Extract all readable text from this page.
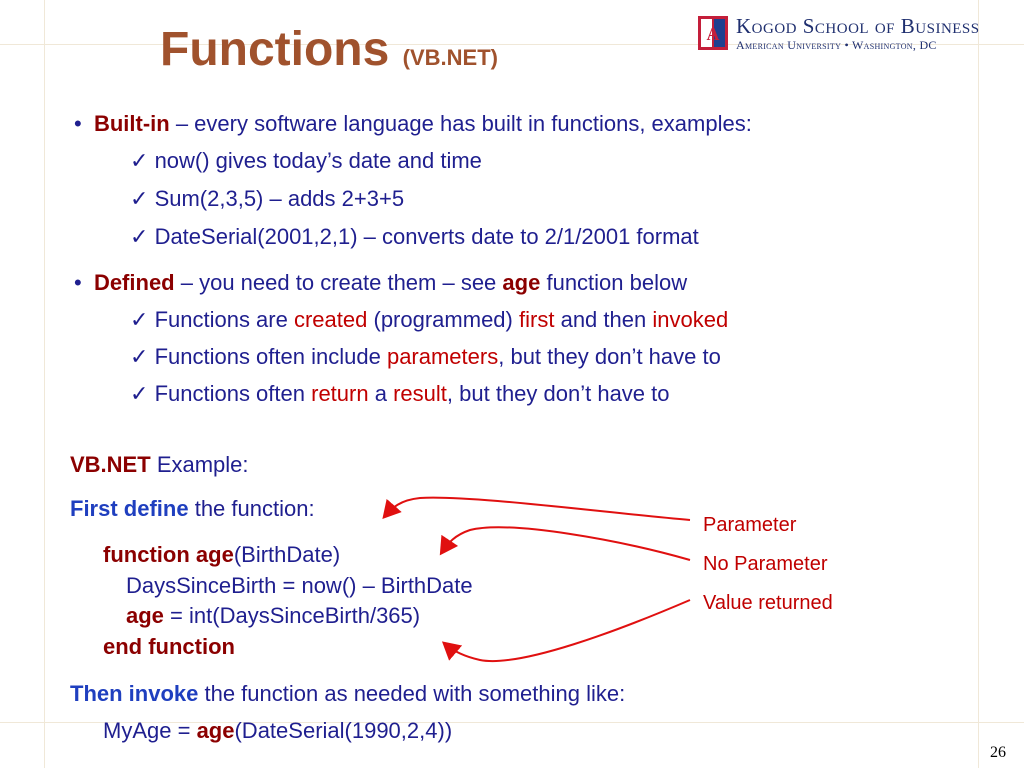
Functions (VB.NET)
A Kogod School of Business
American University • Washington, DC
•  Built-in – every software language has built in functions, examples:
✓ now() gives today’s date and time
✓ Sum(2,3,5) – adds 2+3+5
✓ DateSerial(2001,2,1) – converts date to 2/1/2001 format
•  Defined – you need to create them – see age function below
✓ Functions are created (programmed) first and then invoked
✓ Functions often include parameters, but they don’t have to
✓ Functions often return a result, but they don’t have to
VB.NET Example:
First define the function:
function age(BirthDate)
DaysSinceBirth = now() – BirthDate
age = int(DaysSinceBirth/365)
end function
Then invoke the function as needed with something like:
MyAge = age(DateSerial(1990,2,4))
Parameter
No Parameter
Value returned
26
